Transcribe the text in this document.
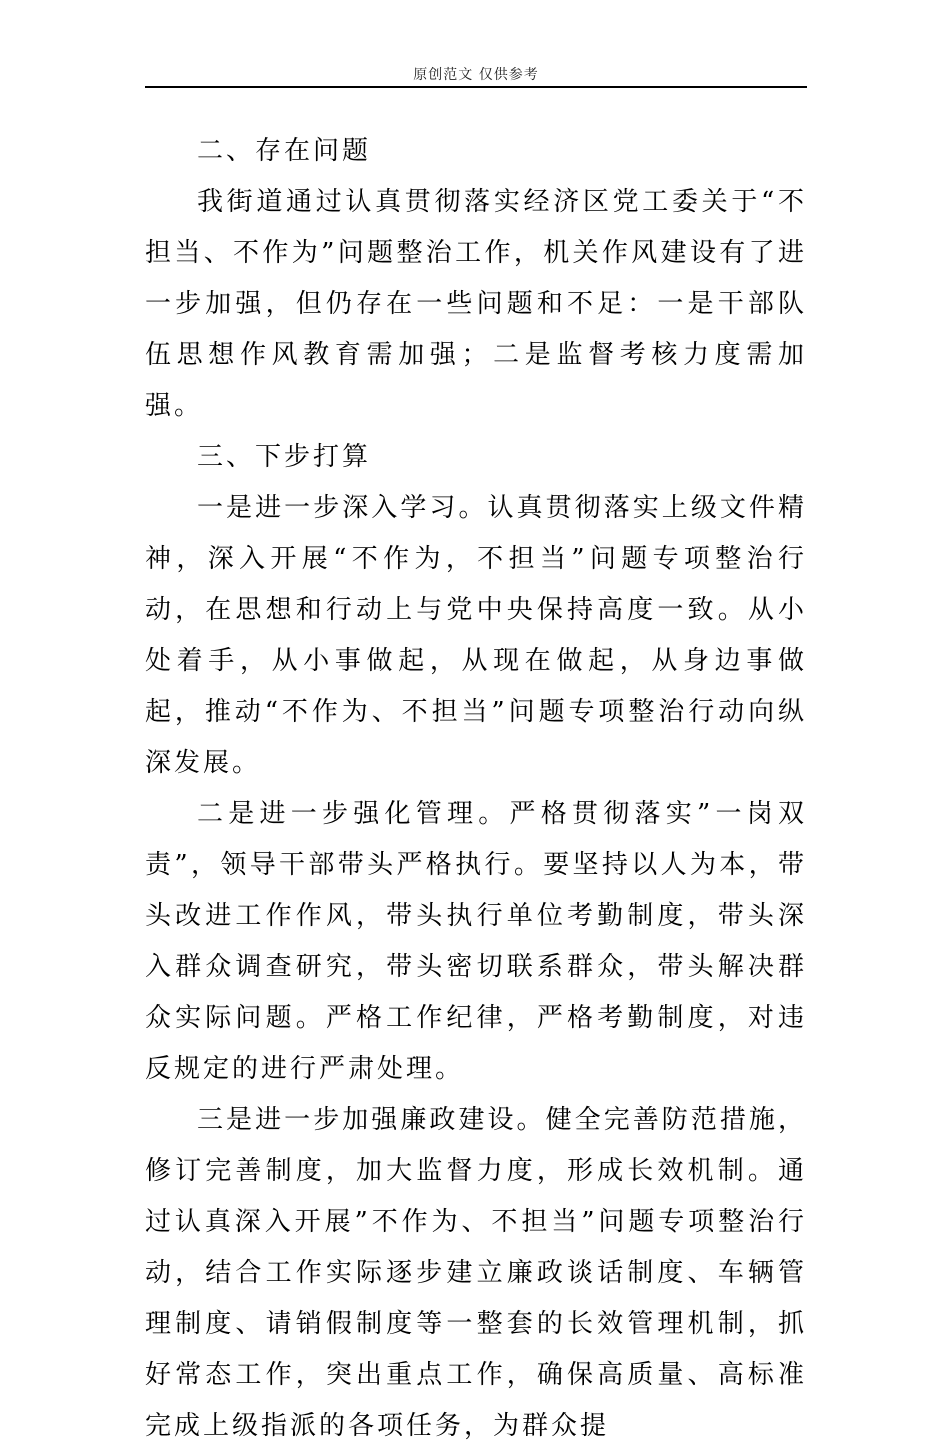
原创范文 仅供参考

二、存在问题

我街道通过认真贯彻落实经济区党工委关于“不担当、不作为”问题整治工作，机关作风建设有了进一步加强，但仍存在一些问题和不足：一是干部队伍思想作风教育需加强；二是监督考核力度需加强。

三、下步打算

一是进一步深入学习。认真贯彻落实上级文件精神，深入开展“不作为，不担当”问题专项整治行动，在思想和行动上与党中央保持高度一致。从小处着手，从小事做起，从现在做起，从身边事做起，推动“不作为、不担当”问题专项整治行动向纵深发展。

二是进一步强化管理。严格贯彻落实”一岗双责”，领导干部带头严格执行。要坚持以人为本，带头改进工作作风，带头执行单位考勤制度，带头深入群众调查研究，带头密切联系群众，带头解决群众实际问题。严格工作纪律，严格考勤制度，对违反规定的进行严肃处理。

三是进一步加强廉政建设。健全完善防范措施，修订完善制度，加大监督力度，形成长效机制。通过认真深入开展”不作为、不担当”问题专项整治行动，结合工作实际逐步建立廉政谈话制度、车辆管理制度、请销假制度等一整套的长效管理机制，抓好常态工作，突出重点工作，确保高质量、高标准完成上级指派的各项任务，为群众提
